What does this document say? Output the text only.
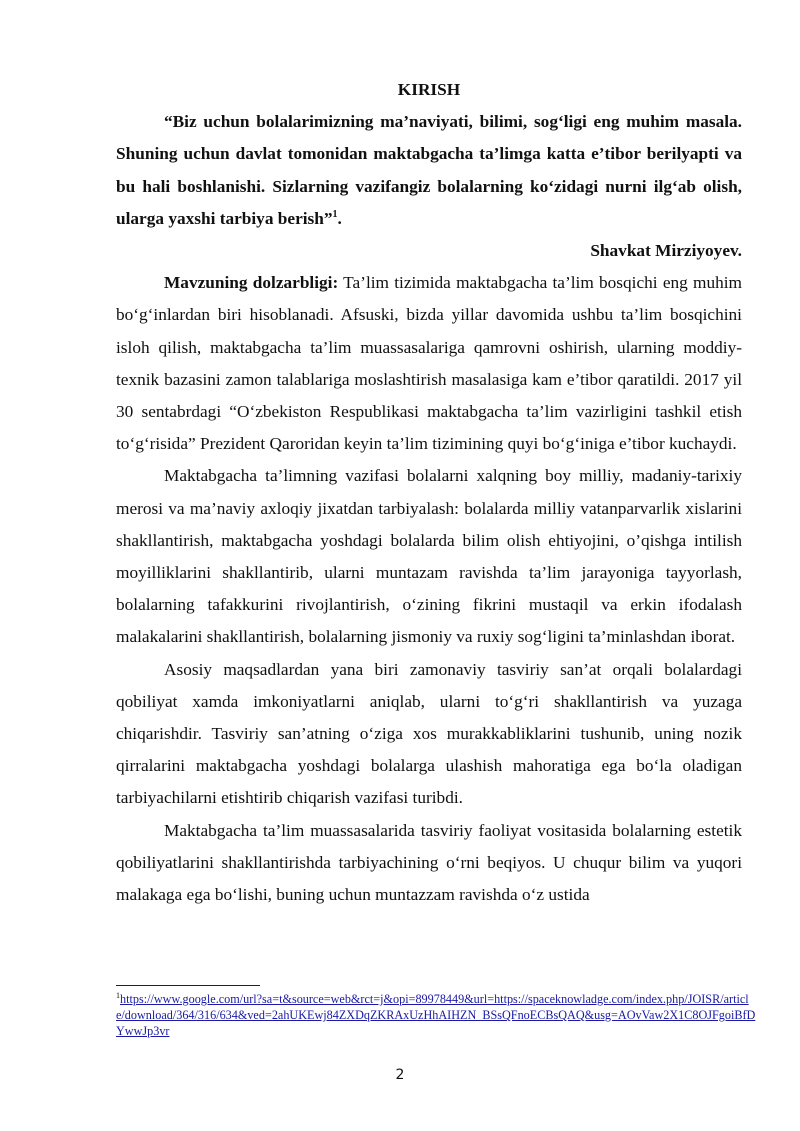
KIRISH

“Biz uchun bolalarimizning ma’naviyati, bilimi, sog‘ligi eng muhim masala. Shuning uchun davlat tomonidan maktabgacha ta’limga katta e’tibor berilyapti va bu hali boshlanishi. Sizlarning vazifangiz bolalarning ko‘zidagi nurni ilg‘ab olish, ularga yaxshi tarbiya berish”$^1$.

Shavkat Mirziyoyev.

Mavzuning dolzarbligi: Ta’lim tizimida maktabgacha ta’lim bosqichi eng muhim bo‘g‘inlardan biri hisoblanadi. Afsuski, bizda yillar davomida ushbu ta’lim bosqichini isloh qilish, maktabgacha ta’lim muassasalariga qamrovni oshirish, ularning moddiy-texnik bazasini zamon talablariga moslashtirish masalasiga kam e’tibor qaratildi. 2017 yil 30 sentabrdagi “O‘zbekiston Respublikasi maktabgacha ta’lim vazirligini tashkil etish to‘g‘risida” Prezident Qaroridan keyin ta’lim tizimining quyi bo‘g‘iniga e’tibor kuchaydi.

Maktabgacha ta’limning vazifasi bolalarni xalqning boy milliy, madaniy-tarixiy merosi va ma’naviy axloqiy jixatdan tarbiyalash: bolalarda milliy vatanparvarlik xislarini shakllantirish, maktabgacha yoshdagi bolalarda bilim olish ehtiyojini, o’qishga intilish moyilliklarini shakllantirib, ularni muntazam ravishda ta’lim jarayoniga tayyorlash, bolalarning tafakkurini rivojlantirish, o‘zining fikrini mustaqil va erkin ifodalash malakalarini shakllantirish, bolalarning jismoniy va ruxiy sog‘ligini ta’minlashdan iborat.

Asosiy maqsadlardan yana biri zamonaviy tasviriy san’at orqali bolalardagi qobiliyat xamda imkoniyatlarni aniqlab, ularni to‘g‘ri shakllantirish va yuzaga chiqarishdir. Tasviriy san’atning o‘ziga xos murakkabliklarini tushunib, uning nozik qirralarini maktabgacha yoshdagi bolalarga ulashish mahoratiga ega bo‘la oladigan tarbiyachilarni etishtirib chiqarish vazifasi turibdi.

Maktabgacha ta’lim muassasalarida tasviriy faoliyat vositasida bolalarning estetik qobiliyatlarini shakllantirishda tarbiyachining o‘rni beqiyos. U chuqur bilim va yuqori malakaga ega bo‘lishi, buning uchun muntazzam ravishda o‘z ustida

$^1$https://www.google.com/url?sa=t&source=web&rct=j&opi=89978449&url=https://spaceknowladge.com/index.php/JOISR/article/download/364/316/634&ved=2ahUKEwj84ZXDqZKRAxUzHhAIHZN_BSsQFnoECBsQAQ&usg=AOvVaw2X1C8OJFgoiBfDYwwJp3vr
2
